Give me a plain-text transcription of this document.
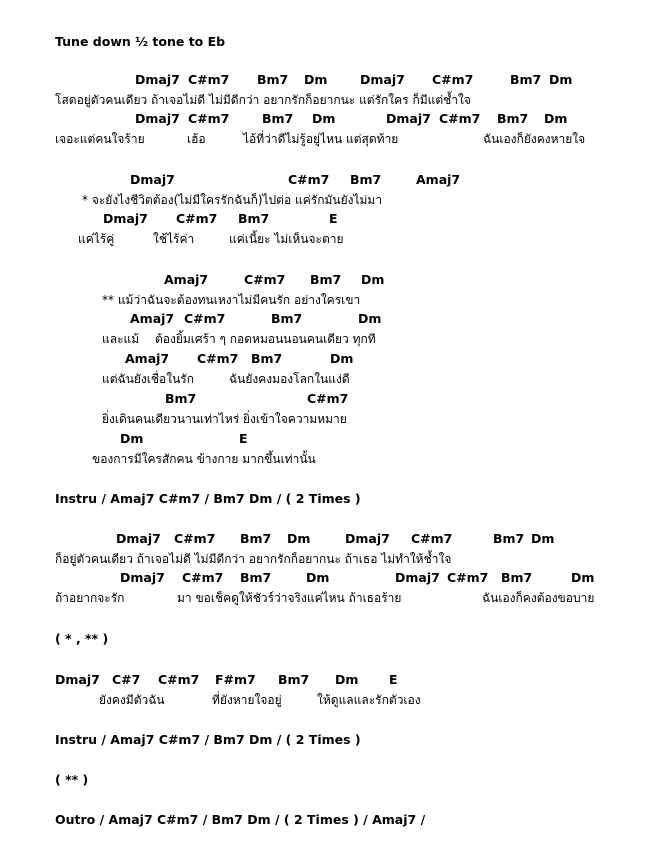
Tune down ½ tone to Eb
Dmaj7 C#m7 Bm7 Dm	Dmaj7 C#m7	Bm7 Dm
โสดอยู่ตัวคนเดียว ถ้าเจอไม่ดี ไม่มีดีกว่า อยากรักก็อยากนะ แต่รักใคร ก็มีแต่ช้ำใจ
Dmaj7 C#m7	Bm7 Dm	Dmaj7 C#m7 Bm7 Dm
เจอะแต่คนใจร้าย	เฮ้อ	ไอ้ที่ว่าดีไม่รู้อยู่ไหน แต่สุดท้าย	ฉันเองก็ยังคงหายใจ
Dmaj7	C#m7 Bm7	Amaj7
* จะยังไงชีวิตต้อง(ไม่มีใครรักฉันก็)ไปต่อ แค่รักมันยังไม่มา
Dmaj7 C#m7 Bm7	E
แค่ไร้คู่	ใช้ไร้ค่า	แค่เนี้ยะ ไม่เห็นจะตาย
Amaj7	C#m7 Bm7 Dm
** แม้ว่าฉันจะต้องทนเหงาไม่มีคนรัก อย่างใครเขา
Amaj7 C#m7	Bm7	Dm
และแม้ ต้องยิ้มเศร้า ๆ กอดหมอนนอนคนเดียว ทุกที
Amaj7 C#m7 Bm7	Dm
แต่ฉันยังเชื่อในรัก	ฉันยังคงมองโลกในแง่ดี
Bm7	C#m7
ยิ่งเดินคนเดียวนานเท่าไหร่ ยิ่งเข้าใจความหมาย
Dm	E
ของการมีใครสักคน ข้างกาย มากขึ้นเท่านั้น
Instru / Amaj7 C#m7 / Bm7 Dm / ( 2 Times )
Dmaj7 C#m7 Bm7 Dm	Dmaj7 C#m7	Bm7 Dm
ก็อยู่ตัวคนเดียว ถ้าเจอไม่ดี ไม่มีดีกว่า อยากรักก็อยากนะ ถ้าเธอ ไม่ทำให้ช้ำใจ
Dmaj7 C#m7 Bm7	Dm	Dmaj7 C#m7 Bm7	Dm
ถ้าอยากจะรัก	มา ขอเช็คดูให้ชัวร์ว่าจริงแค่ไหน ถ้าเธอร้าย	ฉันเองก็คงต้องขอบาย
( * , ** )
Dmaj7 C#7 C#m7 F#m7 Bm7 Dm E
ยังคงมีตัวฉัน	ที่ยังหายใจอยู่	ให้ดูแลและรักตัวเอง
Instru / Amaj7 C#m7 / Bm7 Dm / ( 2 Times )
( ** )
Outro / Amaj7 C#m7 / Bm7 Dm / ( 2 Times ) / Amaj7 /
